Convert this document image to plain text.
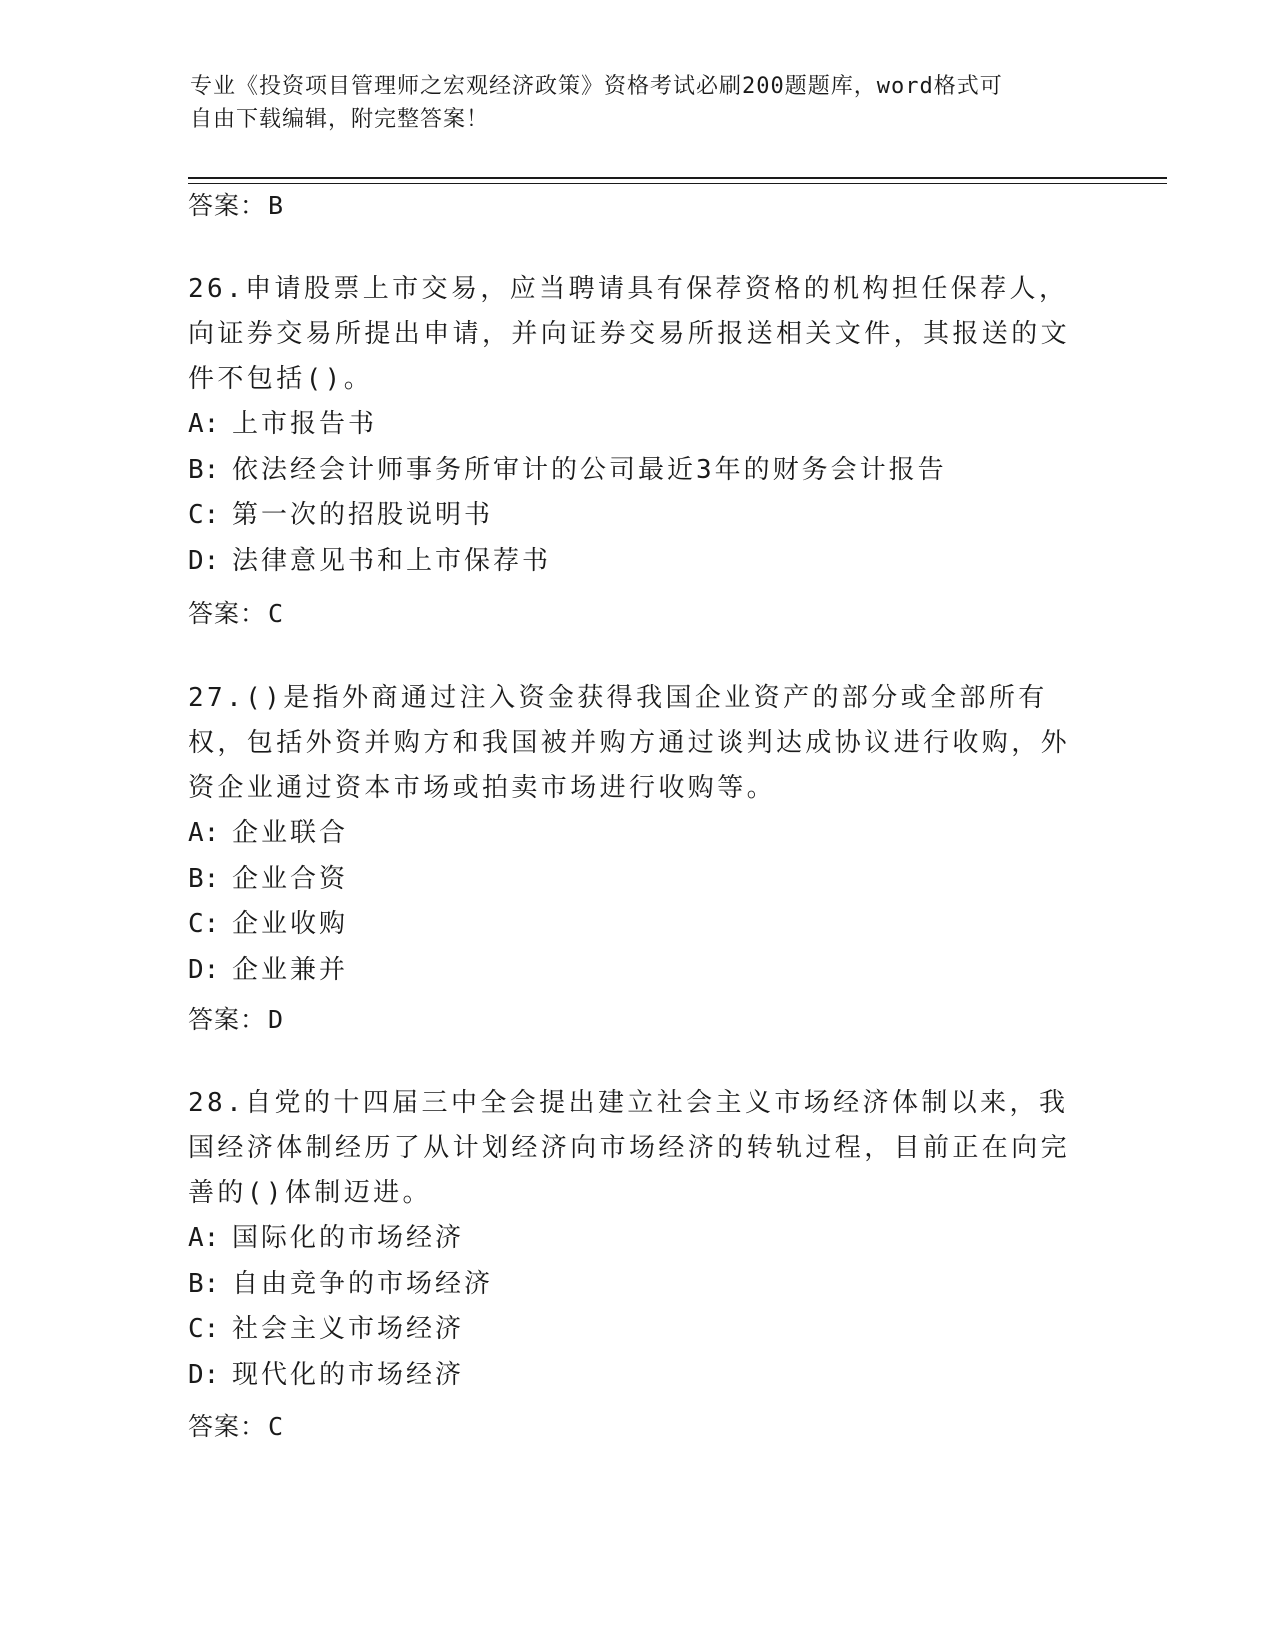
专业《投资项目管理师之宏观经济政策》资格考试必刷200题题库，word格式可
自由下载编辑，附完整答案！
答案：B

26.申请股票上市交易，应当聘请具有保荐资格的机构担任保荐人，向证券交易所提出申请，并向证券交易所报送相关文件，其报送的文件不包括()。

A: 上市报告书

B: 依法经会计师事务所审计的公司最近3年的财务会计报告

C: 第一次的招股说明书

D: 法律意见书和上市保荐书

答案：C

27.()是指外商通过注入资金获得我国企业资产的部分或全部所有权，包括外资并购方和我国被并购方通过谈判达成协议进行收购，外资企业通过资本市场或拍卖市场进行收购等。

A: 企业联合

B: 企业合资

C: 企业收购

D: 企业兼并

答案：D

28.自党的十四届三中全会提出建立社会主义市场经济体制以来，我国经济体制经历了从计划经济向市场经济的转轨过程，目前正在向完善的()体制迈进。

A: 国际化的市场经济

B: 自由竞争的市场经济

C: 社会主义市场经济

D: 现代化的市场经济

答案：C
